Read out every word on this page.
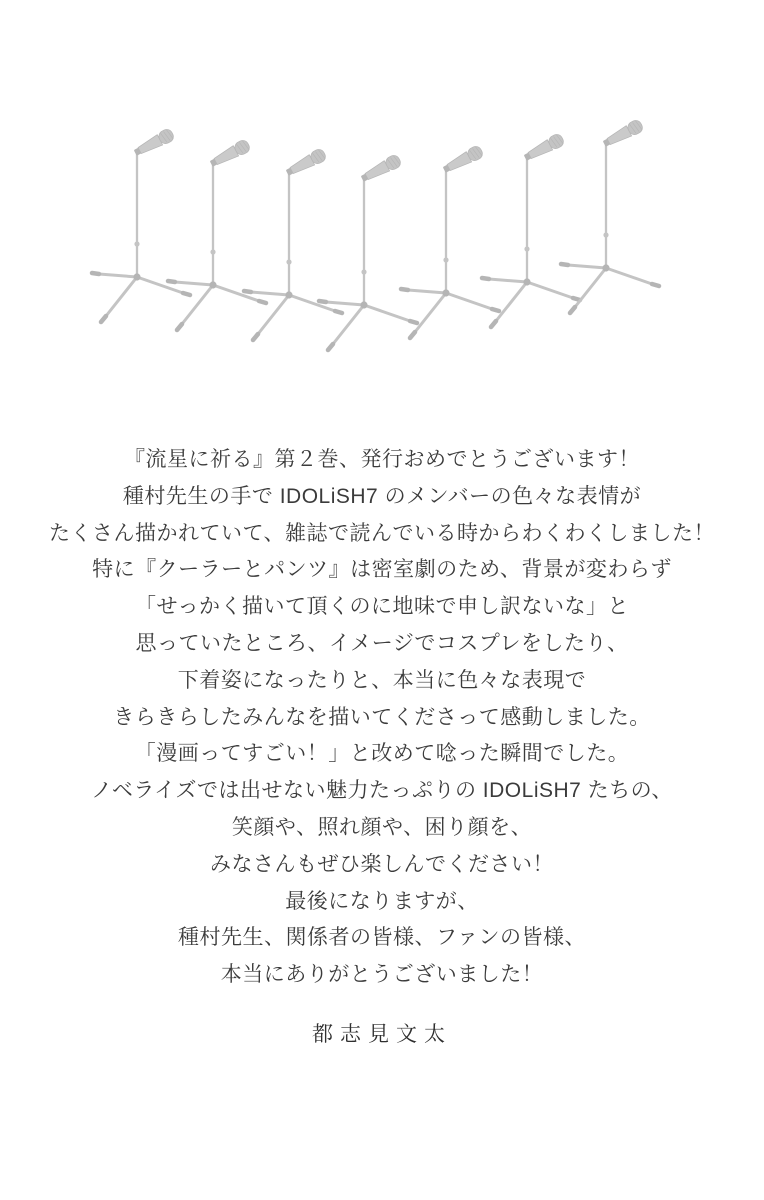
『流星に祈る』第２巻、発行おめでとうございます！

種村先生の手で IDOLiSH7 のメンバーの色々な表情が

たくさん描かれていて、雑誌で読んでいる時からわくわくしました！

特に『クーラーとパンツ』は密室劇のため、背景が変わらず

「せっかく描いて頂くのに地味で申し訳ないな」と

思っていたところ、イメージでコスプレをしたり、

下着姿になったりと、本当に色々な表現で

きらきらしたみんなを描いてくださって感動しました。

「漫画ってすごい！」と改めて唸った瞬間でした。

ノベライズでは出せない魅力たっぷりの IDOLiSH7 たちの、

笑顔や、照れ顔や、困り顔を、

みなさんもぜひ楽しんでください！

最後になりますが、

種村先生、関係者の皆様、ファンの皆様、

本当にありがとうございました！

都志見文太
